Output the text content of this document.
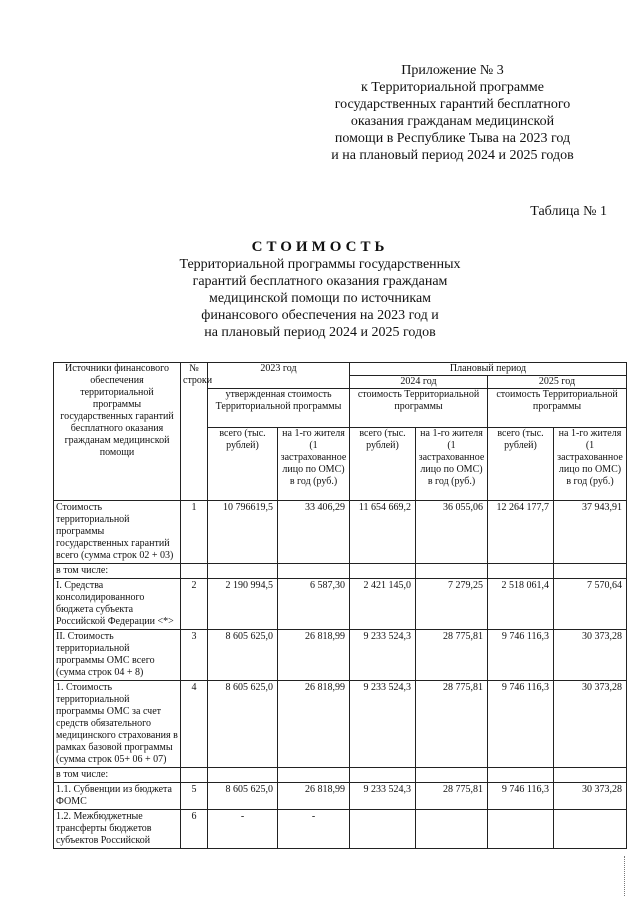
Приложение № 3
к Территориальной программе
государственных гарантий бесплатного
оказания гражданам медицинской
помощи в Республике Тыва на 2023 год
и на плановый период 2024 и 2025 годов
Таблица № 1
СТОИМОСТЬ
Территориальной программы государственных
гарантий бесплатного оказания гражданам
медицинской помощи по источникам
финансового обеспечения на 2023 год и
на плановый период 2024 и 2025 годов
Источники финансового обеспечения территориальной программы государственных гарантий бесплатного оказания гражданам медицинской помощи	№ строки	2023 год		Плановый период			
				2024 год		2025 год	
		утвержденная стоимость Территориальной программы		стоимость Территориальной программы		стоимость Территориальной программы	
		всего (тыс. рублей)	на 1-го жителя (1 застрахованное лицо по ОМС) в год (руб.)	всего (тыс. рублей)	на 1-го жителя (1 застрахованное лицо по ОМС) в год (руб.)	всего (тыс. рублей)	на 1-го жителя (1 застрахованное лицо по ОМС) в год (руб.)
Стоимость территориальной программы государственных гарантий всего (сумма строк 02 + 03)	1	10 796619,5	33 406,29	11 654 669,2	36 055,06	12 264 177,7	37 943,91
в том числе:							
I. Средства консолидированного бюджета субъекта Российской Федерации <*>	2	2 190 994,5	6 587,30	2 421 145,0	7 279,25	2 518 061,4	7 570,64
II. Стоимость территориальной программы ОМС всего (сумма строк 04 + 8)	3	8 605 625,0	26 818,99	9 233 524,3	28 775,81	9 746 116,3	30 373,28
1. Стоимость территориальной программы ОМС за счет средств обязательного медицинского страхования в рамках базовой программы (сумма строк 05+ 06 + 07)	4	8 605 625,0	26 818,99	9 233 524,3	28 775,81	9 746 116,3	30 373,28
в том числе:							
1.1. Субвенции из бюджета ФОМС	5	8 605 625,0	26 818,99	9 233 524,3	28 775,81	9 746 116,3	30 373,28
1.2. Межбюджетные трансферты бюджетов субъектов Российской	6	-	-				
